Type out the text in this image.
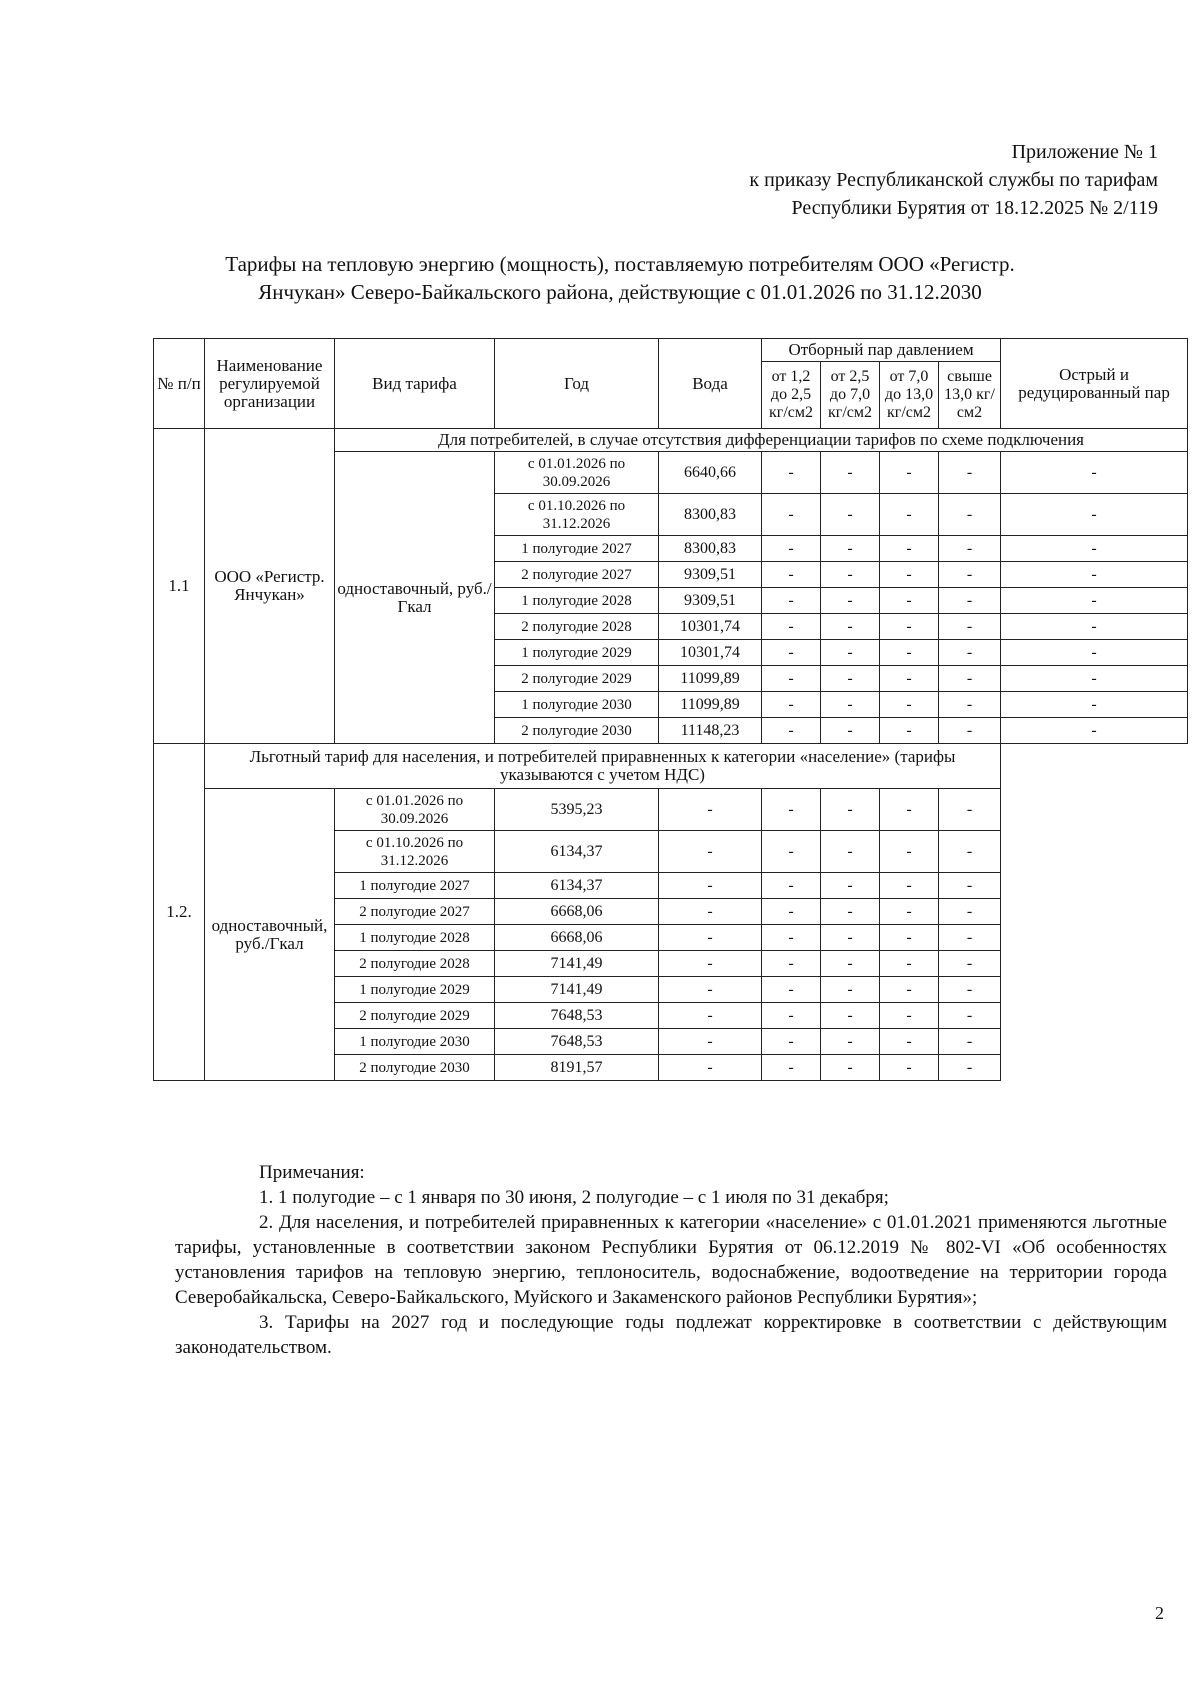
Приложение № 1
к приказу Республиканской службы по тарифам
Республики Бурятия от 18.12.2025 № 2/119
Тарифы на тепловую энергию (мощность), поставляемую потребителям ООО «Регистр.
Янчукан» Северо-Байкальского района, действующие с 01.01.2026 по 31.12.2030
№ п/п	Наименование регулируемой организации	Вид тарифа	Год	Вода	Отборный пар давлением				Острый и редуцированный пар
					от 1,2 до 2,5 кг/см2	от 2,5 до 7,0 кг/см2	от 7,0 до 13,0 кг/см2	свыше 13,0 кг/см2	
1.1	ООО «Регистр. Янчукан»	Для потребителей, в случае отсутствия дифференциации тарифов по схеме подключения							
		одноставочный, руб./Гкал	с 01.01.2026 по 30.09.2026	6640,66	-	-	-	-	-
			с 01.10.2026 по 31.12.2026	8300,83	-	-	-	-	-
			1 полугодие 2027	8300,83	-	-	-	-	-
			2 полугодие 2027	9309,51	-	-	-	-	-
			1 полугодие 2028	9309,51	-	-	-	-	-
			2 полугодие 2028	10301,74	-	-	-	-	-
			1 полугодие 2029	10301,74	-	-	-	-	-
			2 полугодие 2029	11099,89	-	-	-	-	-
			1 полугодие 2030	11099,89	-	-	-	-	-
			2 полугодие 2030	11148,23	-	-	-	-	-
1.2.	Льготный тариф для населения, и потребителей приравненных к категории «население» (тарифы указываются с учетом НДС)								
	одноставочный, руб./Гкал	с 01.01.2026 по 30.09.2026	5395,23	-	-	-	-	-	
		с 01.10.2026 по 31.12.2026	6134,37	-	-	-	-	-	
		1 полугодие 2027	6134,37	-	-	-	-	-	
		2 полугодие 2027	6668,06	-	-	-	-	-	
		1 полугодие 2028	6668,06	-	-	-	-	-	
		2 полугодие 2028	7141,49	-	-	-	-	-	
		1 полугодие 2029	7141,49	-	-	-	-	-	
		2 полугодие 2029	7648,53	-	-	-	-	-	
		1 полугодие 2030	7648,53	-	-	-	-	-	
		2 полугодие 2030	8191,57	-	-	-	-	-	

Примечания:

1. 1 полугодие – с 1 января по 30 июня, 2 полугодие – с 1 июля по 31 декабря;

2. Для населения, и потребителей приравненных к категории «население» с 01.01.2021 применяются льготные тарифы, установленные в соответствии законом Республики Бурятия от 06.12.2019 № 802-VI «Об особенностях установления тарифов на тепловую энергию, теплоноситель, водоснабжение, водоотведение на территории города Северобайкальска, Северо-Байкальского, Муйского и Закаменского районов Республики Бурятия»;

3. Тарифы на 2027 год и последующие годы подлежат корректировке в соответствии с действующим законодательством.

2
